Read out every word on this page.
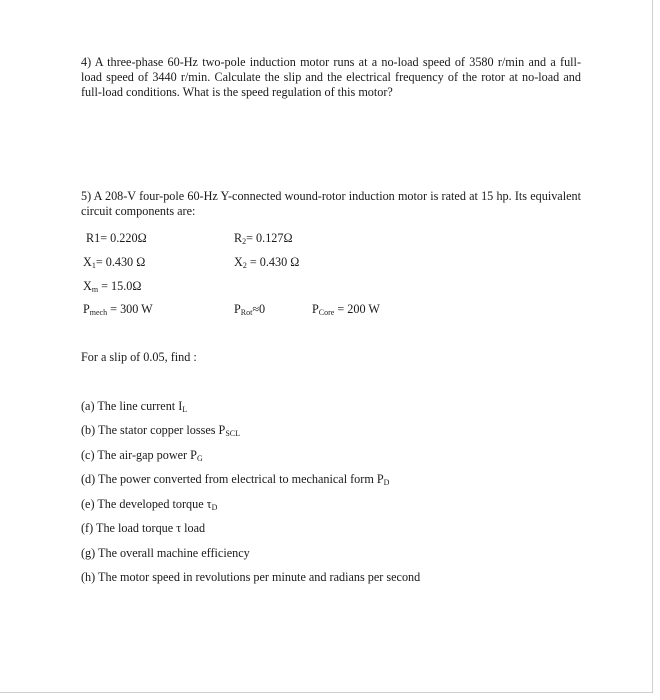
4) A three-phase 60-Hz two-pole induction motor runs at a no-load speed of 3580 r/min and a full-load speed of 3440 r/min. Calculate the slip and the electrical frequency of the rotor at no-load and full-load conditions. What is the speed regulation of this motor?
5) A 208-V four-pole 60-Hz Y-connected wound-rotor induction motor is rated at 15 hp. Its equivalent circuit components are:
R1= 0.220Ω	$R_2= 0.127\Omega$
$X_1= 0.430$ Ω	$X_2 = 0.430$ Ω
$X_m = 15.0\Omega$
$P_{mech} = 300$ W	$P_{Rot}\approx 0$	$P_{Core} = 200$ W
For a slip of 0.05, find :
(a) The line current $I_L$
(b) The stator copper losses $P_{SCL}$
(c) The air-gap power $P_G$
(d) The power converted from electrical to mechanical form $P_D$
(e) The developed torque $\tau_D$
(f) The load torque τ load
(g) The overall machine efficiency
(h) The motor speed in revolutions per minute and radians per second
